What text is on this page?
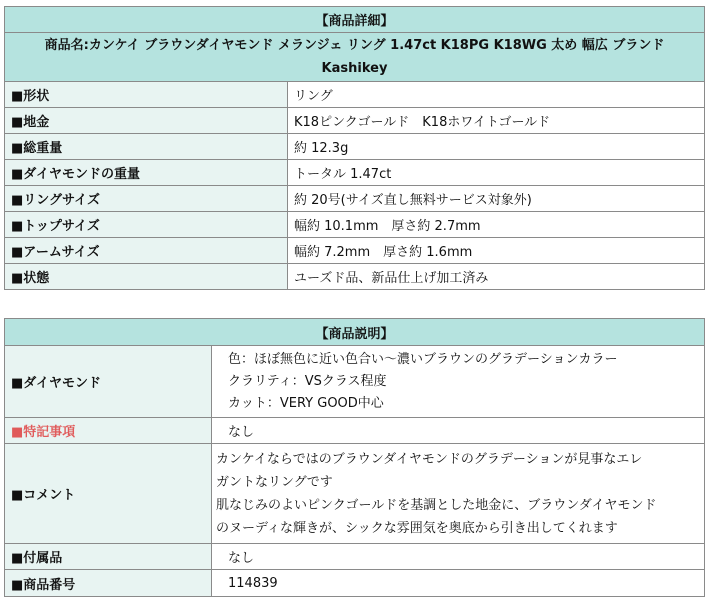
【商品詳細】	

商品名:カンケイ ブラウンダイヤモンド メランジェ リング 1.47ct K18PG K18WG 太め 幅広 ブランド
Kashikey	

■形状	リング
■地金	K18ピンクゴールド　K18ホワイトゴールド
■総重量	約 12.3g
■ダイヤモンドの重量	トータル 1.47ct
■リングサイズ	約 20号(サイズ直し無料サービス対象外)
■トップサイズ	幅約 10.1mm　厚さ約 2.7mm
■アームサイズ	幅約 7.2mm　厚さ約 1.6mm
■状態	ユーズド品、新品仕上げ加工済み
【商品説明】	
■ダイヤモンド	色：ほぼ無色に近い色合い～濃いブラウンのグラデーションカラー
クラリティ：VSクラス程度
カット：VERY GOOD中心

■特記事項	なし
■コメント	カンケイならではのブラウンダイヤモンドのグラデーションが見事なエレ
ガントなリングです
肌なじみのよいピンクゴールドを基調とした地金に、ブラウンダイヤモンド
のヌーディな輝きが、シックな雰囲気を奥底から引き出してくれます

■付属品	なし
■商品番号	114839
